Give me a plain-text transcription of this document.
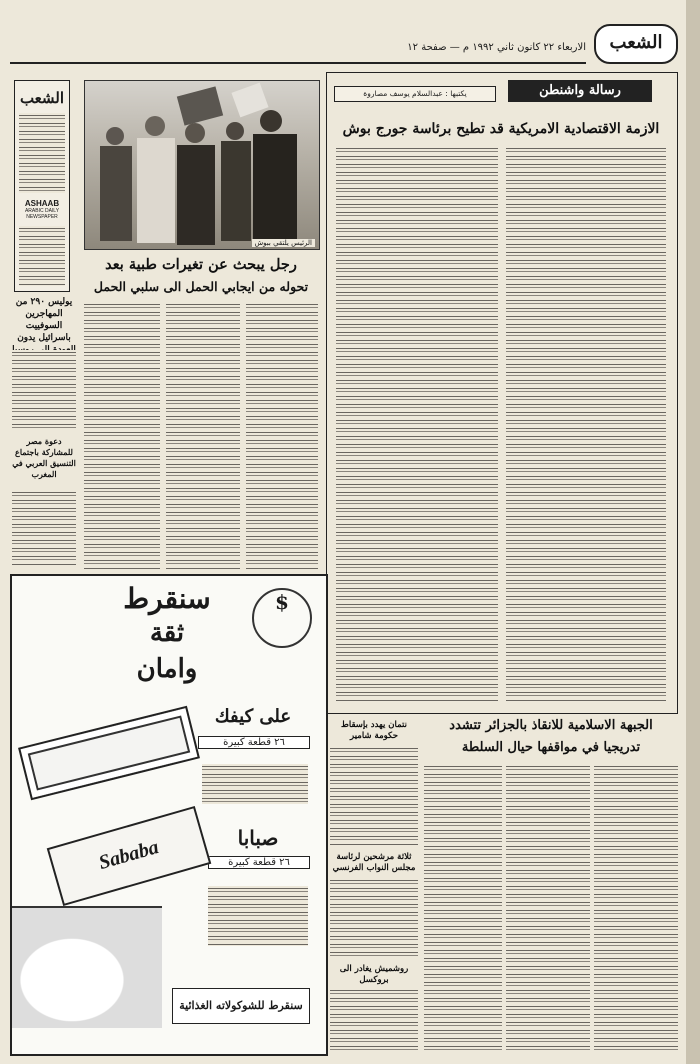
الاربعاء ٢٢ كانون ثاني ١٩٩٢ م — صفحة ١٢	الشعب
الشعب
ASHAAB
ARABIC DAILY NEWSPAPER
يوليس ٢٩٠ من المهاجرين السوفييت باسرائيل يدون
دعوة مصر للمشاركة باجتماع التنسيق العربي في المغرب
الرئيس يلتقي ببوش
رجل يبحث عن تغيرات طبية بعد
تحوله من ايجابي الحمل الى سلبي الحمل
رسالة واشنطن
يكتبها : عبدالسلام يوسف مصاروة
الازمة الاقتصادية الامريكية قد تطيح برئاسة جورج بوش
الجبهة الاسلامية للانقاذ بالجزائر تتشدد
تدريجيا في مواقفها حيال السلطة
نتمان يهدد بإسقاط حكومة شامير
ثلاثة مرشحين لرئاسة مجلس النواب الفرنسي
روشميش يغادر الى بروكسل
$
سنقرط
ثقة
وامان
على كيفك
٢٦ قطعة كبيرة
صبابا
٢٦ قطعة كبيرة
Sababa
سنقرط للشوكولاته الغذائية
